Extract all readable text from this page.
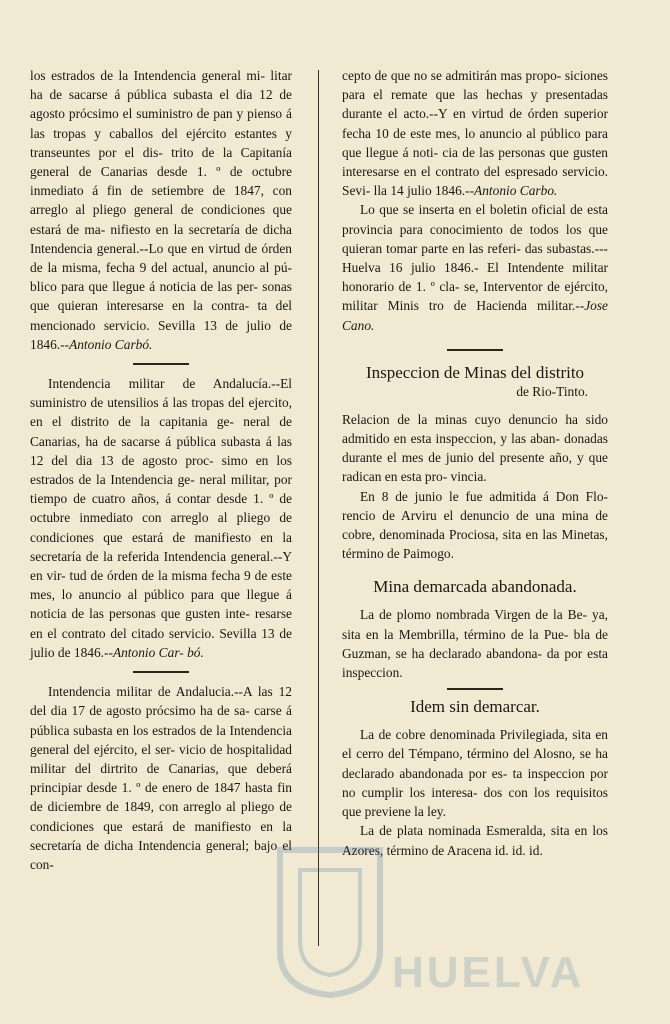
los estrados de la Intendencia general mi- litar ha de sacarse á pública subasta el dia 12 de agosto prócsimo el suministro de pan y pienso á las tropas y caballos del ejército estantes y transeuntes por el dis- trito de la Capitanía general de Canarias desde 1. º de octubre inmediato á fin de setiembre de 1847, con arreglo al pliego general de condiciones que estará de ma- nifiesto en la secretaría de dicha Intendencia general.--Lo que en virtud de órden de la misma, fecha 9 del actual, anuncio al pú- blico para que llegue á noticia de las per- sonas que quieran interesarse en la contra- ta del mencionado servicio. Sevilla 13 de julio de 1846.--Antonio Carbó.

Intendencia militar de Andalucía.--El suministro de utensilios á las tropas del ejercito, en el distrito de la capitania ge- neral de Canarias, ha de sacarse á pública subasta á las 12 del dia 13 de agosto proc- simo en los estrados de la Intendencia ge- neral militar, por tiempo de cuatro años, á contar desde 1. º de octubre inmediato con arreglo al pliego de condiciones que estará de manifiesto en la secretaría de la referida Intendencia general.--Y en vir- tud de órden de la misma fecha 9 de este mes, lo anuncio al público para que llegue á noticia de las personas que gusten inte- resarse en el contrato del citado servicio. Sevilla 13 de julio de 1846.--Antonio Car- bó.

Intendencia militar de Andalucia.--A las 12 del dia 17 de agosto prócsimo ha de sa- carse á pública subasta en los estrados de la Intendencia general del ejército, el ser- vicio de hospitalidad militar del dirtrito de Canarias, que deberá principiar desde 1. º de enero de 1847 hasta fin de diciembre de 1849, con arreglo al pliego de condiciones que estará de manifiesto en la secretaría de dicha Intendencia general; bajo el con-

cepto de que no se admitirán mas propo- siciones para el remate que las hechas y presentadas durante el acto.--Y en virtud de órden superior fecha 10 de este mes, lo anuncio al público para que llegue á noti- cia de las personas que gusten interesarse en el contrato del espresado servicio. Sevi- lla 14 julio 1846.--Antonio Carbo.

Lo que se inserta en el boletin oficial de esta provincia para conocimiento de todos los que quieran tomar parte en las referi- das subastas.---Huelva 16 julio 1846.- El Intendente militar honorario de 1. º cla- se, Interventor de ejército, militar Minis tro de Hacienda militar.--Jose Cano.

Inspeccion de Minas del distrito
de Rio-Tinto.

Relacion de la minas cuyo denuncio ha sido admitido en esta inspeccion, y las aban- donadas durante el mes de junio del presente año, y que radican en esta pro- vincia.

En 8 de junio le fue admitida á Don Flo- rencio de Arviru el denuncio de una mina de cobre, denominada Prociosa, sita en las Minetas, término de Paimogo.

Mina demarcada abandonada.

La de plomo nombrada Virgen de la Be- ya, sita en la Membrilla, término de la Pue- bla de Guzman, se ha declarado abandona- da por esta inspeccion.

Idem sin demarcar.

La de cobre denominada Privilegiada, sita en el cerro del Témpano, término del Alosno, se ha declarado abandonada por es- ta inspeccion por no cumplir los interesa- dos con los requisitos que previene la ley.

La de plata nominada Esmeralda, sita en los Azores, término de Aracena id. id. id.

HUELVA
